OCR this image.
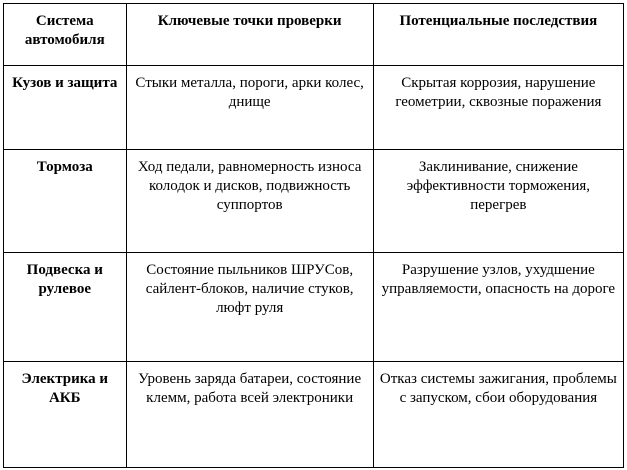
Система автомобиля	Ключевые точки проверки	Потенциальные последствия
Кузов и защита	Стыки металла, пороги, арки колес, днище	Скрытая коррозия, нарушение геометрии, сквозные поражения
Тормоза	Ход педали, равномерность износа колодок и дисков, подвижность суппортов	Заклинивание, снижение эффективности торможения, перегрев
Подвеска и рулевое	Состояние пыльников ШРУСов, сайлент-блоков, наличие стуков, люфт руля	Разрушение узлов, ухудшение управляемости, опасность на дороге
Электрика и АКБ	Уровень заряда батареи, состояние клемм, работа всей электроники	Отказ системы зажигания, проблемы с запуском, сбои оборудования
